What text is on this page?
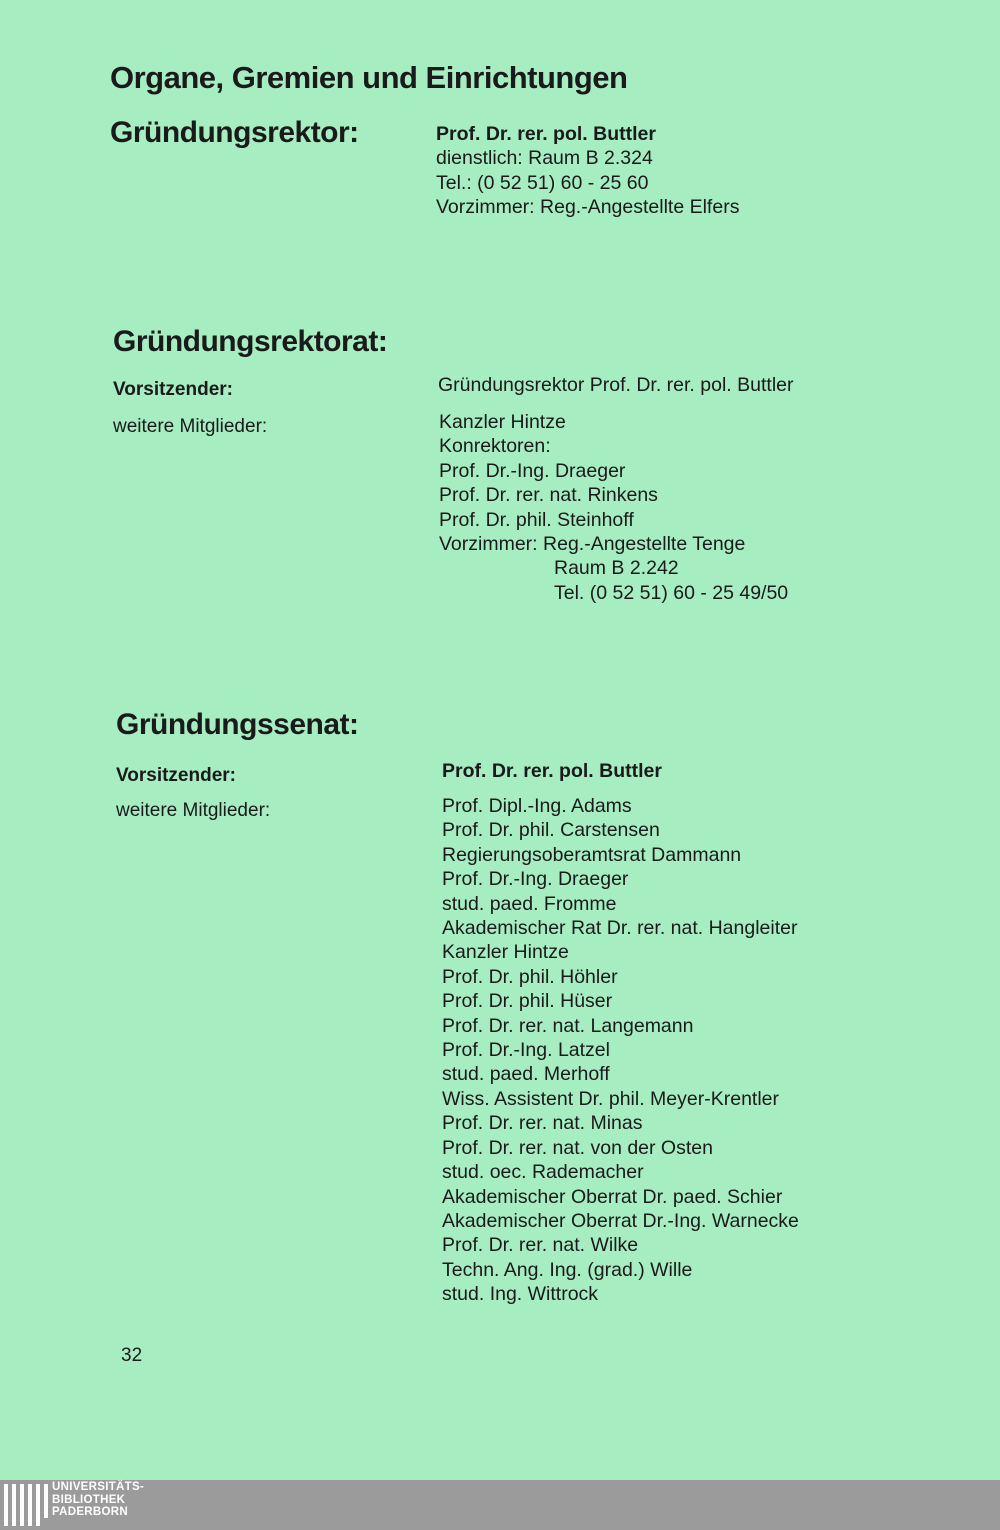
Organe, Gremien und Einrichtungen
Gründungsrektor:	Prof. Dr. rer. pol. Buttler
dienstlich: Raum B 2.324
Tel.: (0 52 51) 60 - 25 60
Vorzimmer: Reg.-Angestellte Elfers
Gründungsrektorat:
Vorsitzender:	Gründungsrektor Prof. Dr. rer. pol. Buttler
weitere Mitglieder:	Kanzler Hintze
Konrektoren:
Prof. Dr.-Ing. Draeger
Prof. Dr. rer. nat. Rinkens
Prof. Dr. phil. Steinhoff
Vorzimmer: Reg.-Angestellte Tenge
Raum B 2.242
Tel. (0 52 51) 60 - 25 49/50
Gründungssenat:
Vorsitzender:	Prof. Dr. rer. pol. Buttler
weitere Mitglieder:	Prof. Dipl.-Ing. Adams
Prof. Dr. phil. Carstensen
Regierungsoberamtsrat Dammann
Prof. Dr.-Ing. Draeger
stud. paed. Fromme
Akademischer Rat Dr. rer. nat. Hangleiter
Kanzler Hintze
Prof. Dr. phil. Höhler
Prof. Dr. phil. Hüser
Prof. Dr. rer. nat. Langemann
Prof. Dr.-Ing. Latzel
stud. paed. Merhoff
Wiss. Assistent Dr. phil. Meyer-Krentler
Prof. Dr. rer. nat. Minas
Prof. Dr. rer. nat. von der Osten
stud. oec. Rademacher
Akademischer Oberrat Dr. paed. Schier
Akademischer Oberrat Dr.-Ing. Warnecke
Prof. Dr. rer. nat. Wilke
Techn. Ang. Ing. (grad.) Wille
stud. Ing. Wittrock
32
UNIVERSITÄTS-
BIBLIOTHEK
PADERBORN
